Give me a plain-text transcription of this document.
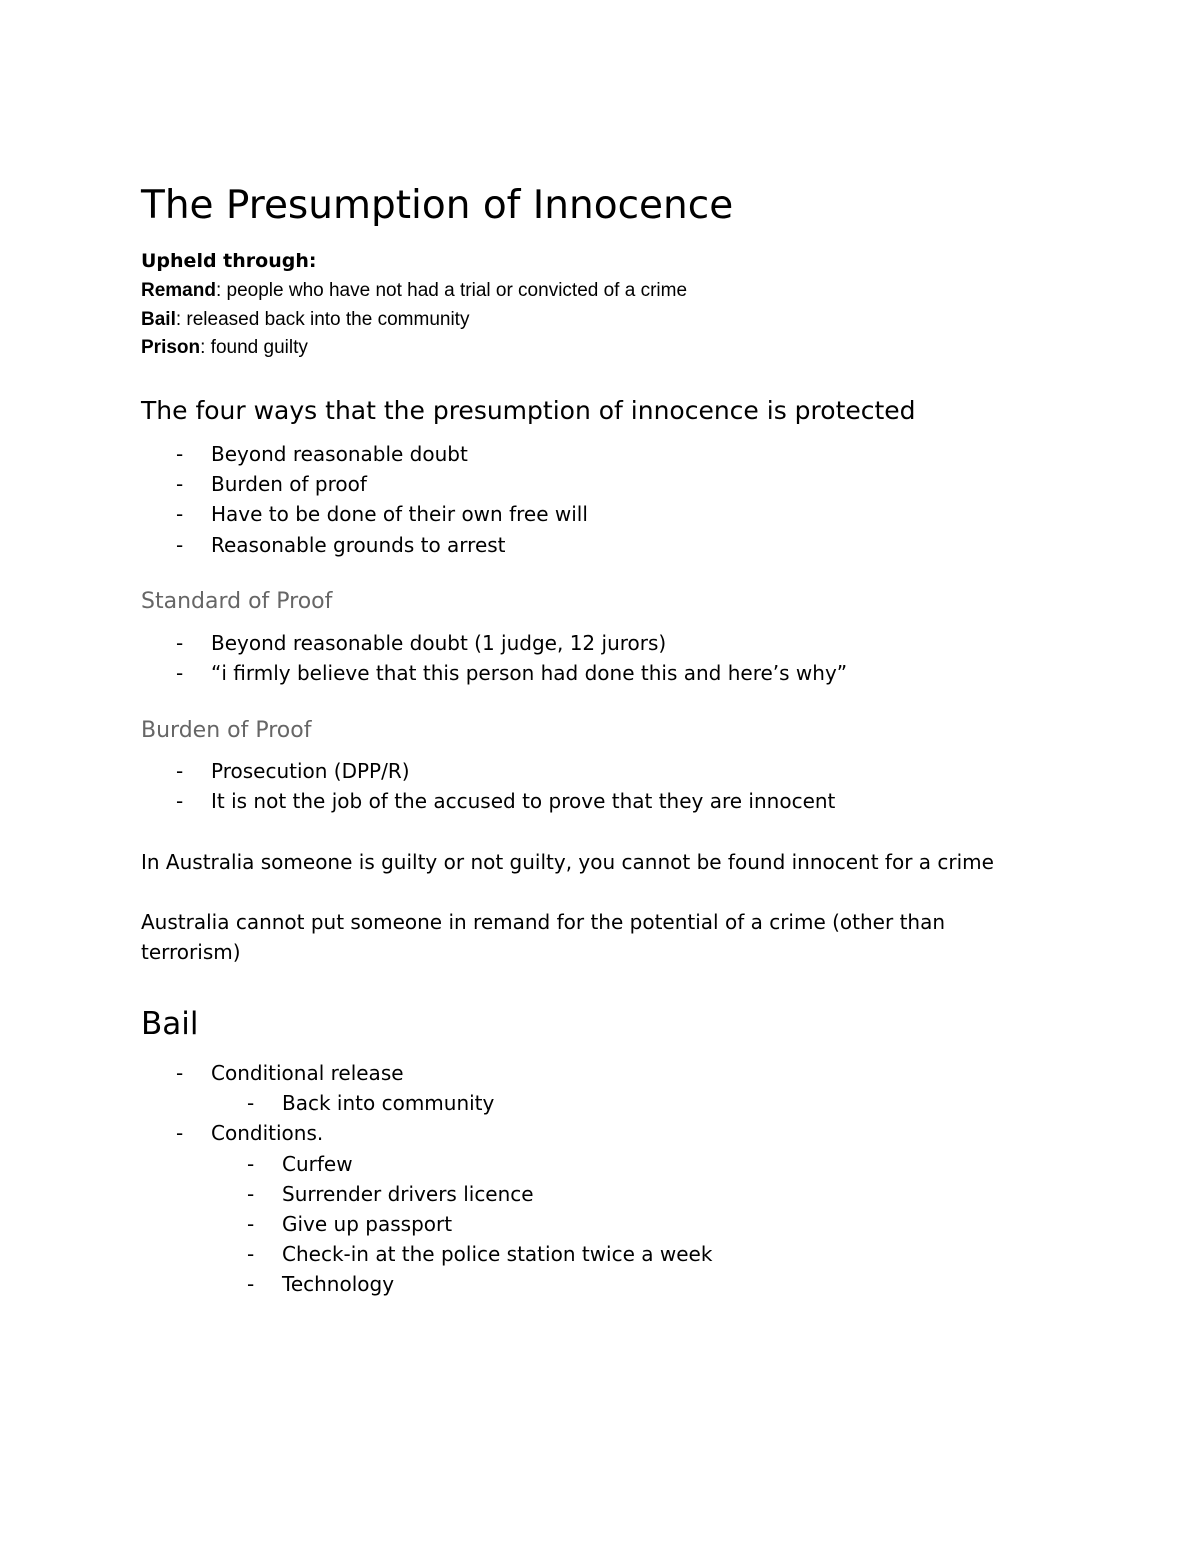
The Presumption of Innocence
Upheld through:
Remand: people who have not had a trial or convicted of a crime
Bail: released back into the community
Prison: found guilty
The four ways that the presumption of innocence is protected
- Beyond reasonable doubt
- Burden of proof
- Have to be done of their own free will
- Reasonable grounds to arrest
Standard of Proof
- Beyond reasonable doubt (1 judge, 12 jurors)
- “i firmly believe that this person had done this and here’s why”
Burden of Proof
- Prosecution (DPP/R)
- It is not the job of the accused to prove that they are innocent

In Australia someone is guilty or not guilty, you cannot be found innocent for a crime

Australia cannot put someone in remand for the potential of a crime (other than terrorism)

Bail
- Conditional release
- Back into community
- Conditions.
- Curfew
- Surrender drivers licence
- Give up passport
- Check-in at the police station twice a week
- Technology
